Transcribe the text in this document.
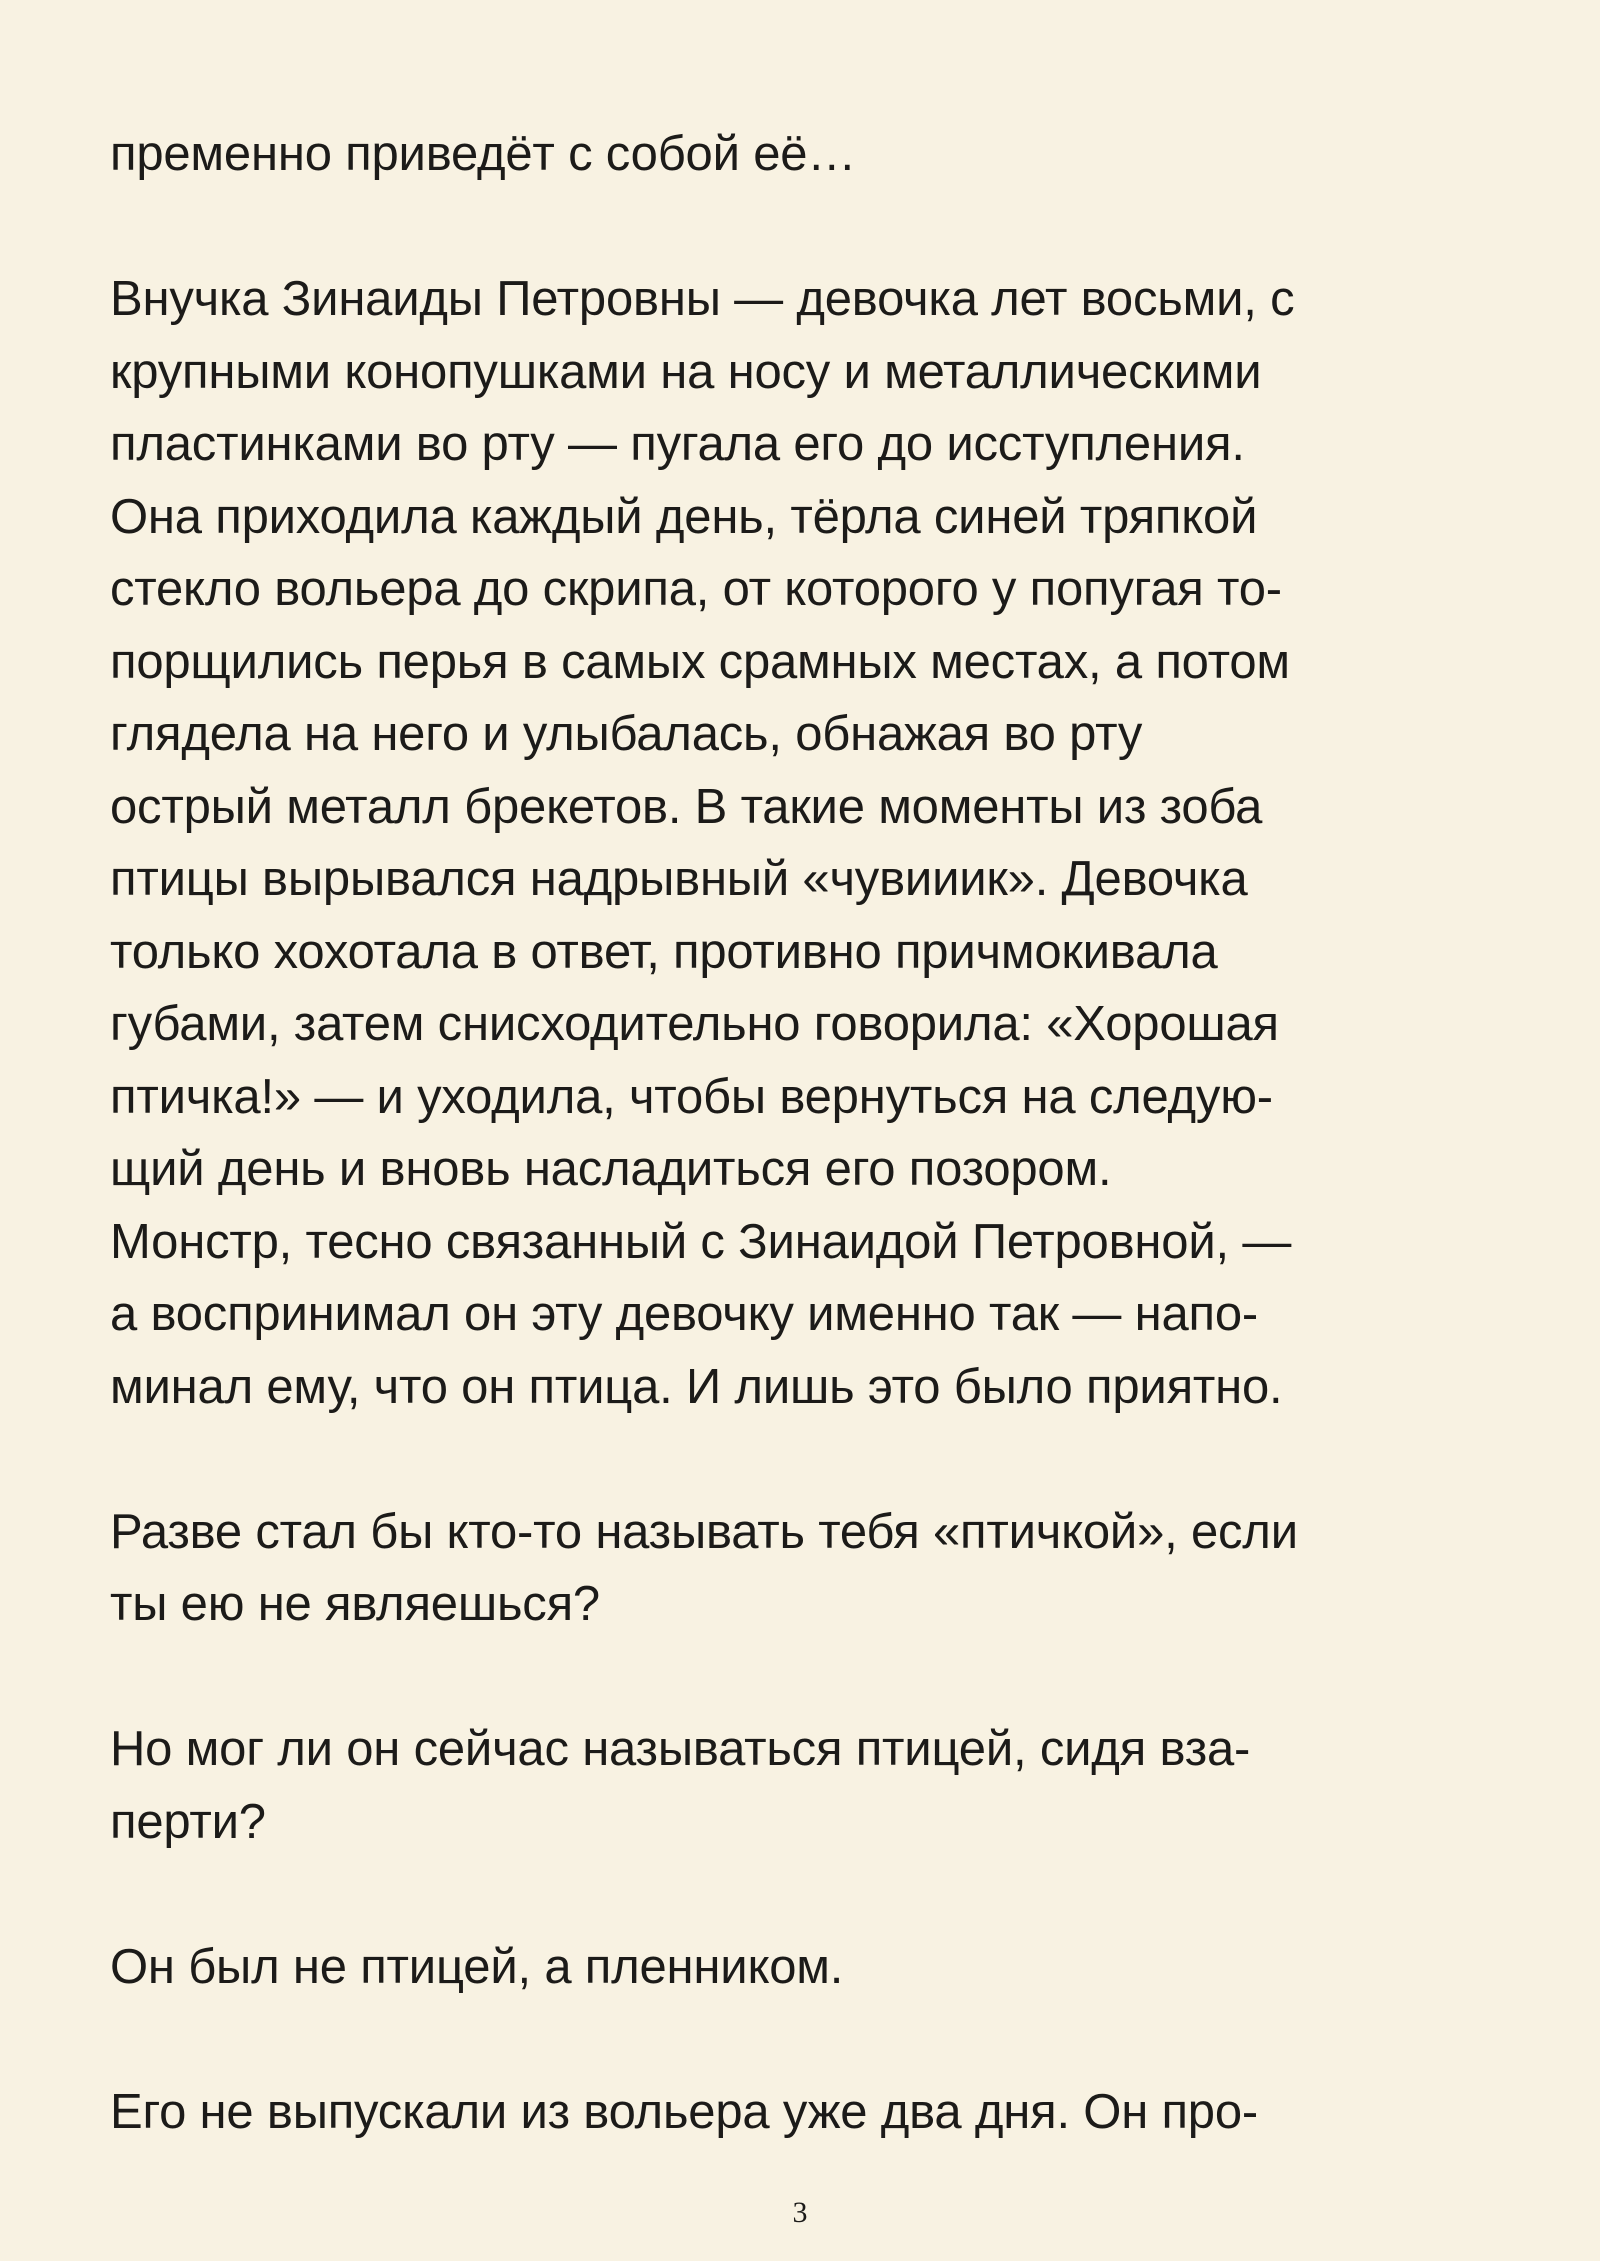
пременно приведёт с собой её…

Внучка Зинаиды Петровны — девочка лет восьми, с
крупными конопушками на носу и металлическими
пластинками во рту — пугала его до исступления.
Она приходила каждый день, тёрла синей тряпкой
стекло вольера до скрипа, от которого у попугая то-
порщились перья в самых срамных местах, а потом
глядела на него и улыбалась, обнажая во рту
острый металл брекетов. В такие моменты из зоба
птицы вырывался надрывный «чувииик». Девочка
только хохотала в ответ, противно причмокивала
губами, затем снисходительно говорила: «Хорошая
птичка!» — и уходила, чтобы вернуться на следую-
щий день и вновь насладиться его позором.
Монстр, тесно связанный с Зинаидой Петровной, —
а воспринимал он эту девочку именно так — напо-
минал ему, что он птица. И лишь это было приятно.

Разве стал бы кто-то называть тебя «птичкой», если
ты ею не являешься?

Но мог ли он сейчас называться птицей, сидя вза-
перти?

Он был не птицей, а пленником.

Его не выпускали из вольера уже два дня. Он про-

3
